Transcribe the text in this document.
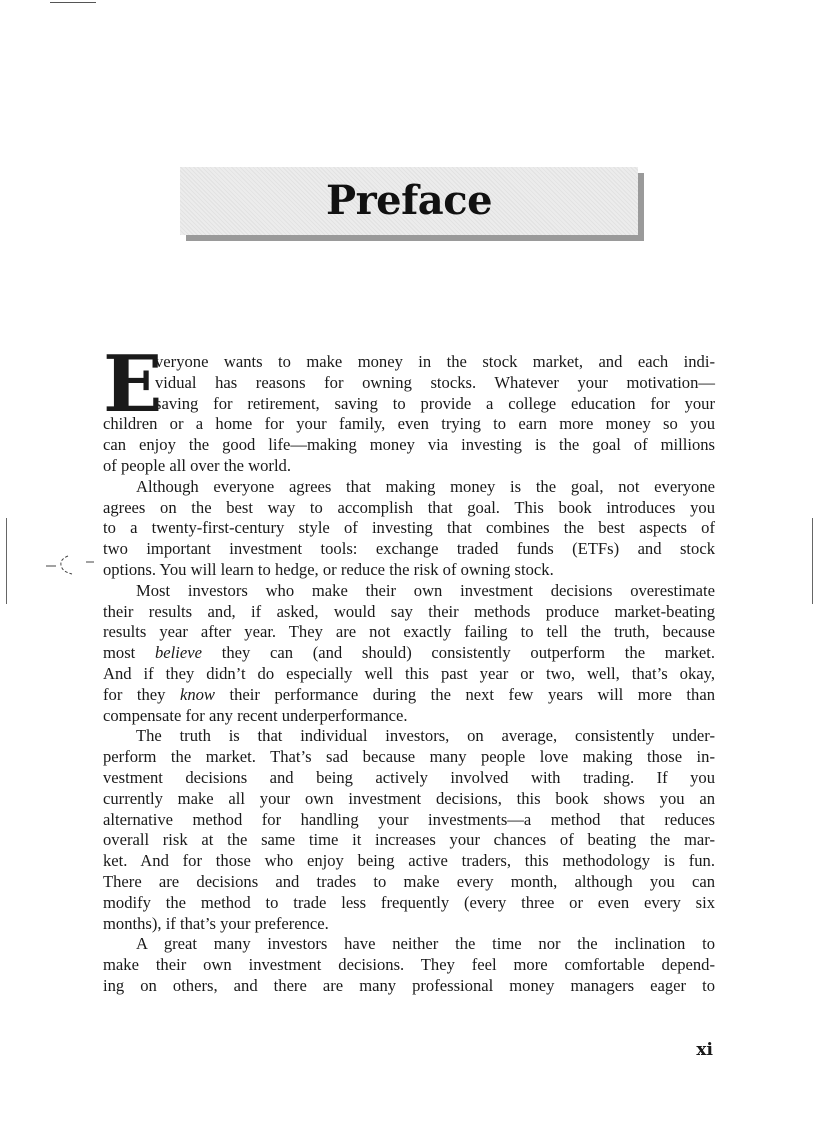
Preface
E
veryone wants to make money in the stock market, and each indi-
vidual has reasons for owning stocks. Whatever your motivation—
saving for retirement, saving to provide a college education for your
children or a home for your family, even trying to earn more money so you
can enjoy the good life—making money via investing is the goal of millions
of people all over the world.
Although everyone agrees that making money is the goal, not everyone
agrees on the best way to accomplish that goal. This book introduces you
to a twenty-first-century style of investing that combines the best aspects of
two important investment tools: exchange traded funds (ETFs) and stock
options. You will learn to hedge, or reduce the risk of owning stock.
Most investors who make their own investment decisions overestimate
their results and, if asked, would say their methods produce market-beating
results year after year. They are not exactly failing to tell the truth, because
most believe they can (and should) consistently outperform the market.
And if they didn’t do especially well this past year or two, well, that’s okay,
for they know their performance during the next few years will more than
compensate for any recent underperformance.
The truth is that individual investors, on average, consistently under-
perform the market. That’s sad because many people love making those in-
vestment decisions and being actively involved with trading. If you
currently make all your own investment decisions, this book shows you an
alternative method for handling your investments—a method that reduces
overall risk at the same time it increases your chances of beating the mar-
ket. And for those who enjoy being active traders, this methodology is fun.
There are decisions and trades to make every month, although you can
modify the method to trade less frequently (every three or even every six
months), if that’s your preference.
A great many investors have neither the time nor the inclination to
make their own investment decisions. They feel more comfortable depend-
ing on others, and there are many professional money managers eager to
xi
